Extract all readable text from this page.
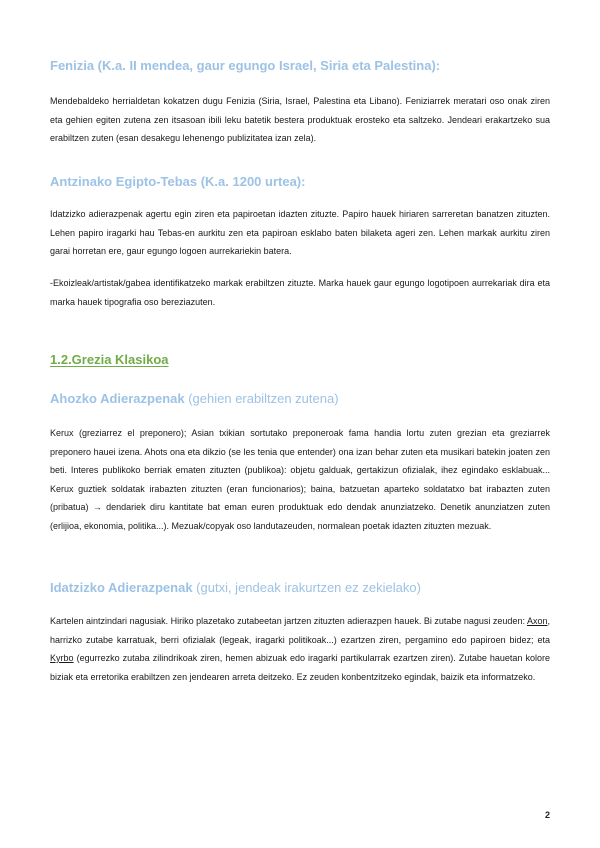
Fenizia (K.a. II mendea, gaur egungo Israel, Siria eta Palestina):

Mendebaldeko herrialdetan kokatzen dugu Fenizia (Siria, Israel, Palestina eta Libano). Feniziarrek meratari oso onak ziren eta gehien egiten zutena zen itsasoan ibili leku batetik bestera produktuak erosteko eta saltzeko. Jendeari erakartzeko sua erabiltzen zuten (esan desakegu lehenengo publizitatea izan zela).

Antzinako Egipto-Tebas (K.a. 1200 urtea):

Idatzizko adierazpenak agertu egin ziren eta papiroetan idazten zituzte. Papiro hauek hiriaren sarreretan banatzen zituzten. Lehen papiro iragarki hau Tebas-en aurkitu zen eta papiroan esklabo baten bilaketa ageri zen. Lehen markak aurkitu ziren garai horretan ere, gaur egungo logoen aurrekariekin batera.

-Ekoizleak/artistak/gabea identifikatzeko markak erabiltzen zituzte. Marka hauek gaur egungo logotipoen aurrekariak dira eta marka hauek tipografia oso bereziazuten.

1.2.Grezia Klasikoa
Ahozko Adierazpenak (gehien erabiltzen zutena)

Kerux (greziarrez el preponero); Asian txikian sortutako preponeroak fama handia lortu zuten grezian eta greziarrek preponero hauei izena. Ahots ona eta dikzio (se les tenia que entender) ona izan behar zuten eta musikari batekin joaten zen beti. Interes publikoko berriak ematen zituzten (publikoa): objetu galduak, gertakizun ofizialak, ihez egindako esklabuak... Kerux guztiek soldatak irabazten zituzten (eran funcionarios); baina, batzuetan aparteko soldatatxo bat irabazten zuten (pribatua) → dendariek diru kantitate bat eman euren produktuak edo dendak anunziatzeko. Denetik anunziatzen zuten (erlijioa, ekonomia, politika...). Mezuak/copyak oso landutazeuden, normalean poetak idazten zituzten mezuak.

Idatzizko Adierazpenak (gutxi, jendeak irakurtzen ez zekielako)

Kartelen aintzindari nagusiak. Hiriko plazetako zutabeetan jartzen zituzten adierazpen hauek. Bi zutabe nagusi zeuden: Axon, harrizko zutabe karratuak, berri ofizialak (legeak, iragarki politikoak...) ezartzen ziren, pergamino edo papiroen bidez; eta Kyrbo (egurrezko zutaba zilindrikoak ziren, hemen abizuak edo iragarki partikularrak ezartzen ziren). Zutabe hauetan kolore biziak eta erretorika erabiltzen zen jendearen arreta deitzeko. Ez zeuden konbentzitzeko egindak, baizik eta informatzeko.

2
